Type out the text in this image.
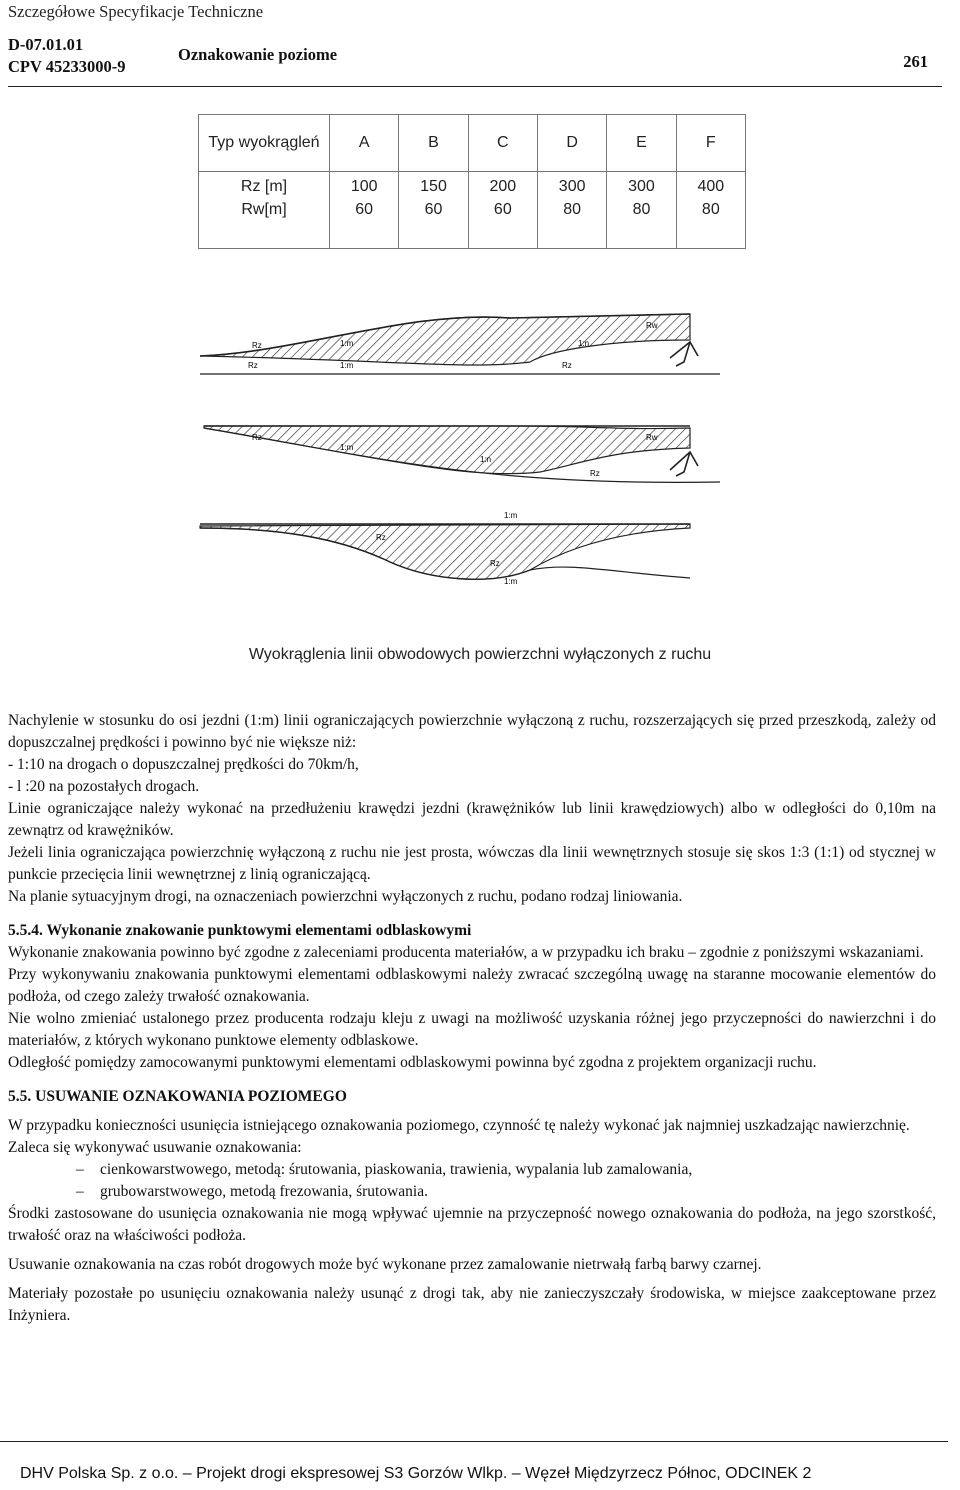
Szczegółowe Specyfikacje Techniczne
D-07.01.01
CPV 45233000-9
Oznakowanie poziome	261
Typ wyokrągleń	A	B	C	D	E	F
Rz [m]	100	150	200	300	300	400
Rw[m]	60	60	60	80	80	80

Rz
Rz
1:m
1:m
1:n
Rw
Rz
Rz
1:m
1:n
Rw
Rz
Rz
Rz
1:m
1:m
Wyokrąglenia linii obwodowych powierzchni wyłączonych z ruchu

Nachylenie w stosunku do osi jezdni (1:m) linii ograniczających powierzchnie wyłączoną z ruchu, rozszerzających się przed przeszkodą, zależy od dopuszczalnej prędkości i powinno być nie większe niż:

- 1:10 na drogach o dopuszczalnej prędkości do 70km/h,

- l :20 na pozostałych drogach.

Linie ograniczające należy wykonać na przedłużeniu krawędzi jezdni (krawężników lub linii krawędziowych) albo w odległości do 0,10m na zewnątrz od krawężników.

Jeżeli linia ograniczająca powierzchnię wyłączoną z ruchu nie jest prosta, wówczas dla linii wewnętrznych stosuje się skos 1:3 (1:1) od stycznej w punkcie przecięcia linii wewnętrznej z linią ograniczającą.

Na planie sytuacyjnym drogi, na oznaczeniach powierzchni wyłączonych z ruchu, podano rodzaj liniowania.

5.5.4. Wykonanie znakowanie punktowymi elementami odblaskowymi

Wykonanie znakowania powinno być zgodne z zaleceniami producenta materiałów, a w przypadku ich braku – zgodnie z poniższymi wskazaniami.

Przy wykonywaniu znakowania punktowymi elementami odblaskowymi należy zwracać szczególną uwagę na staranne mocowanie elementów do podłoża, od czego zależy trwałość oznakowania.

Nie wolno zmieniać ustalonego przez producenta rodzaju kleju z uwagi na możliwość uzyskania różnej jego przyczepności do nawierzchni i do materiałów, z których wykonano punktowe elementy odblaskowe.

Odległość pomiędzy zamocowanymi punktowymi elementami odblaskowymi powinna być zgodna z projektem organizacji ruchu.

5.5. USUWANIE OZNAKOWANIA POZIOMEGO

W przypadku konieczności usunięcia istniejącego oznakowania poziomego, czynność tę należy wykonać jak najmniej uszkadzając nawierzchnię.

Zaleca się wykonywać usuwanie oznakowania:

–	cienkowarstwowego, metodą: śrutowania, piaskowania, trawienia, wypalania lub zamalowania,
–	grubowarstwowego, metodą frezowania, śrutowania.

Środki zastosowane do usunięcia oznakowania nie mogą wpływać ujemnie na przyczepność nowego oznakowania do podłoża, na jego szorstkość, trwałość oraz na właściwości podłoża.

Usuwanie oznakowania na czas robót drogowych może być wykonane przez zamalowanie nietrwałą farbą barwy czarnej.

Materiały pozostałe po usunięciu oznakowania należy usunąć z drogi tak, aby nie zanieczyszczały środowiska, w miejsce zaakceptowane przez Inżyniera.

DHV Polska Sp. z o.o. – Projekt drogi ekspresowej S3 Gorzów Wlkp. – Węzeł Międzyrzecz Północ, ODCINEK 2
